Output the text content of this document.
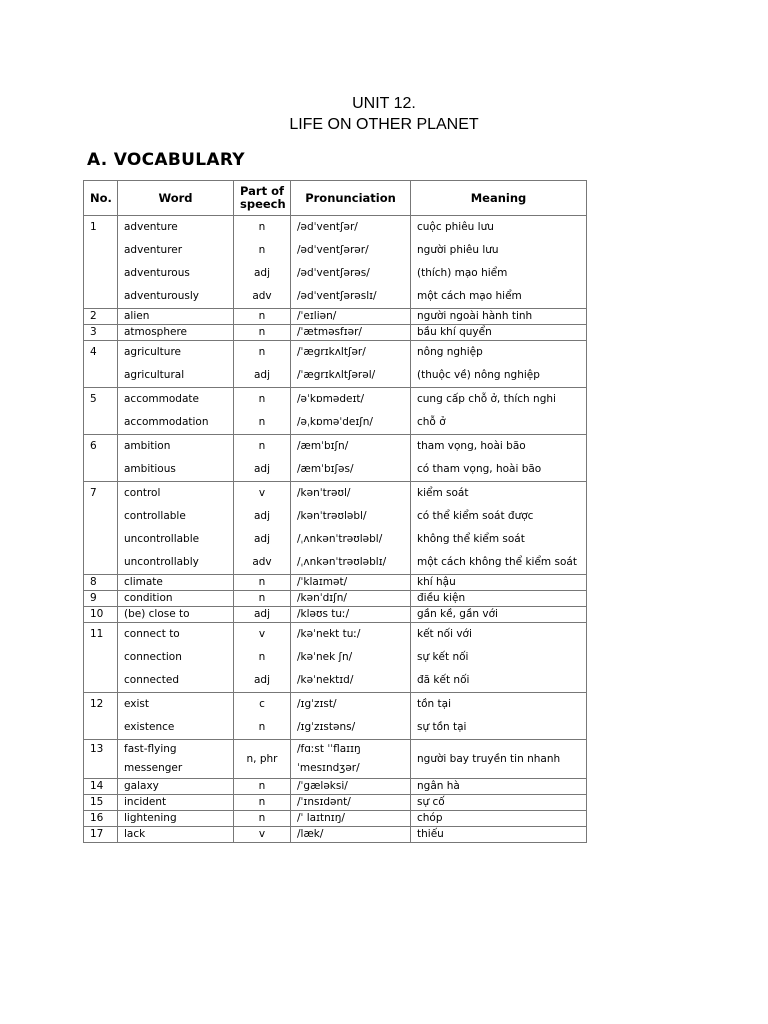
UNIT 12.
LIFE ON OTHER PLANET
A. VOCABULARY
No.	Word	Part of speech	Pronunciation	Meaning
1	adventure	n	/ədˈventʃər/	cuộc phiêu lưu
	adventurer	n	/ədˈventʃərər/	người phiêu lưu
	adventurous	adj	/ədˈventʃərəs/	(thích) mạo hiểm
	adventurously	adv	/ədˈventʃərəslɪ/	một cách mạo hiểm
2	alien	n	/ˈeɪliən/	người ngoài hành tinh
3	atmosphere	n	/ˈætməsfɪər/	bầu khí quyển
4	agriculture	n	/ˈægrɪkʌltʃər/	nông nghiệp
	agricultural	adj	/ˈægrɪkʌltʃərəl/	(thuộc về) nông nghiệp
5	accommodate	n	/əˈkɒmədeɪt/	cung cấp chỗ ở, thích nghi
	accommodation	n	/əˌkɒməˈdeɪʃn/	chỗ ở
6	ambition	n	/æmˈbɪʃn/	tham vọng, hoài bão
	ambitious	adj	/æmˈbɪʃəs/	có tham vọng, hoài bão
7	control	v	/kənˈtrəʊl/	kiểm soát
	controllable	adj	/kənˈtrəʊləbl/	có thể kiểm soát được
	uncontrollable	adj	/ˌʌnkənˈtrəʊləbl/	không thể kiểm soát
	uncontrollably	adv	/ˌʌnkənˈtrəʊləblɪ/	một cách không thể kiểm soát
8	climate	n	/ˈklaɪmət/	khí hậu
9	condition	n	/kənˈdɪʃn/	điều kiện
10	(be) close to	adj	/kləʊs tuː/	gần kề, gần với
11	connect to	v	/kəˈnekt tuː/	kết nối với
	connection	n	/kəˈnek ʃn/	sự kết nối
	connected	adj	/kəˈnektɪd/	đã kết nối
12	exist	c	/ɪgˈzɪst/	tồn tại
	existence	n	/ɪgˈzɪstəns/	sự tồn tại
13	fast-flying	n, phr	/fɑːst ˈˈflaɪɪŋ	người bay truyền tin nhanh
	messenger		ˈmesɪndʒər/	
14	galaxy	n	/ˈgæləksi/	ngân hà
15	incident	n	/ˈɪnsɪdənt/	sự cố
16	lightening	n	/ˈ laɪtnɪŋ/	chóp
17	lack	v	/læk/	thiếu
